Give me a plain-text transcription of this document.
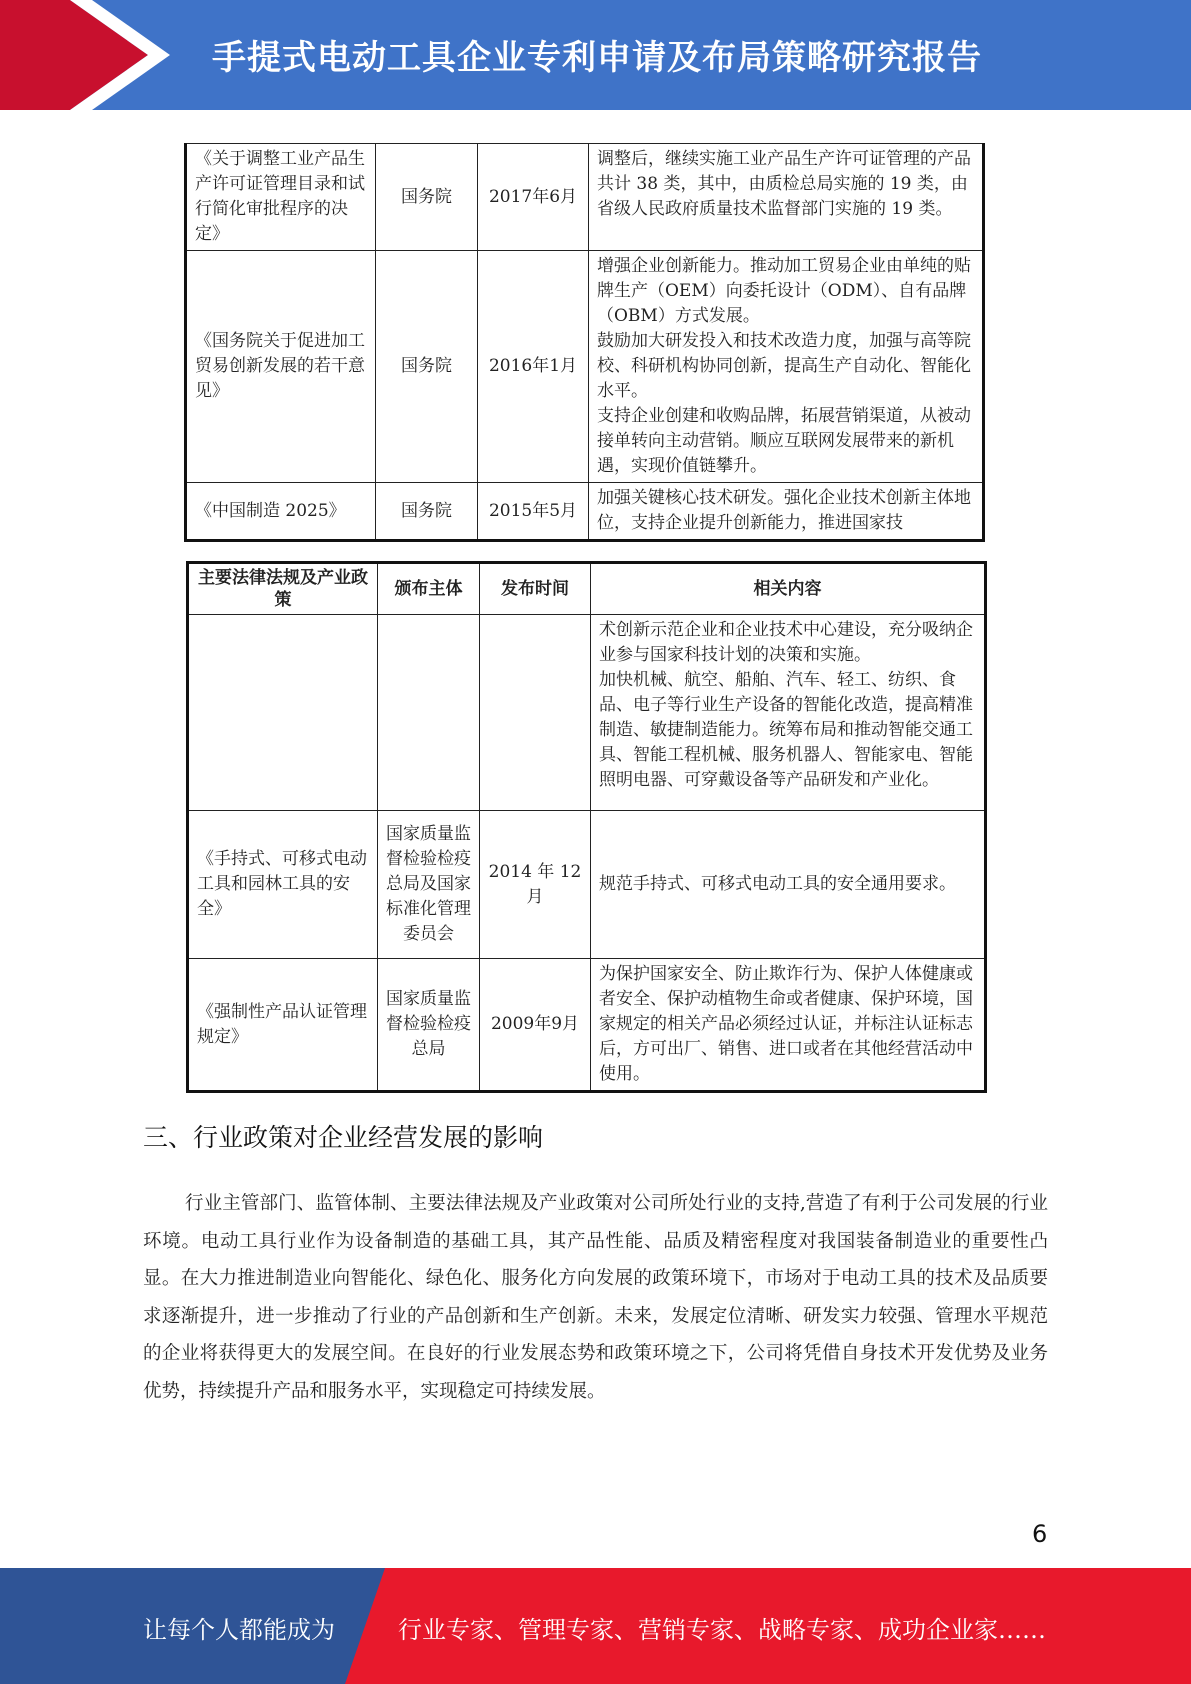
手提式电动工具企业专利申请及布局策略研究报告
《关于调整工业产品生产许可证管理目录和试行简化审批程序的决定》	国务院	2017年6月	调整后，继续实施工业产品生产许可证管理的产品共计 38 类，其中，由质检总局实施的 19 类，由省级人民政府质量技术监督部门实施的 19 类。

《国务院关于促进加工贸易创新发展的若干意见》	国务院	2016年1月	增强企业创新能力。推动加工贸易企业由单纯的贴牌生产（OEM）向委托设计（ODM）、自有品牌（OBM）方式发展。
鼓励加大研发投入和技术改造力度，加强与高等院校、科研机构协同创新，提高生产自动化、智能化水平。
支持企业创建和收购品牌，拓展营销渠道，从被动接单转向主动营销。顺应互联网发展带来的新机遇，实现价值链攀升。

《中国制造 2025》	国务院	2015年5月	加强关键核心技术研发。强化企业技术创新主体地位，支持企业提升创新能力，推进国家技
主要法律法规及产业政策	颁布主体	发布时间	相关内容

			术创新示范企业和企业技术中心建设，充分吸纳企业参与国家科技计划的决策和实施。
加快机械、航空、船舶、汽车、轻工、纺织、食品、电子等行业生产设备的智能化改造，提高精准制造、敏捷制造能力。统筹布局和推动智能交通工具、智能工程机械、服务机器人、智能家电、智能照明电器、可穿戴设备等产品研发和产业化。

《手持式、可移式电动工具和园林工具的安全》	国家质量监督检验检疫总局及国家标准化管理委员会	2014 年 12 月	规范手持式、可移式电动工具的安全通用要求。

《强制性产品认证管理规定》	国家质量监督检验检疫总局	2009年9月	为保护国家安全、防止欺诈行为、保护人体健康或者安全、保护动植物生命或者健康、保护环境，国家规定的相关产品必须经过认证，并标注认证标志后，方可出厂、销售、进口或者在其他经营活动中使用。
三、行业政策对企业经营发展的影响
行业主管部门、监管体制、主要法律法规及产业政策对公司所处行业的支持,营造了有利于公司发展的行业环境。电动工具行业作为设备制造的基础工具，其产品性能、品质及精密程度对我国装备制造业的重要性凸显。在大力推进制造业向智能化、绿色化、服务化方向发展的政策环境下，市场对于电动工具的技术及品质要求逐渐提升，进一步推动了行业的产品创新和生产创新。未来，发展定位清晰、研发实力较强、管理水平规范的企业将获得更大的发展空间。在良好的行业发展态势和政策环境之下，公司将凭借自身技术开发优势及业务优势，持续提升产品和服务水平，实现稳定可持续发展。
6
让每个人都能成为	行业专家、管理专家、营销专家、战略专家、成功企业家……
